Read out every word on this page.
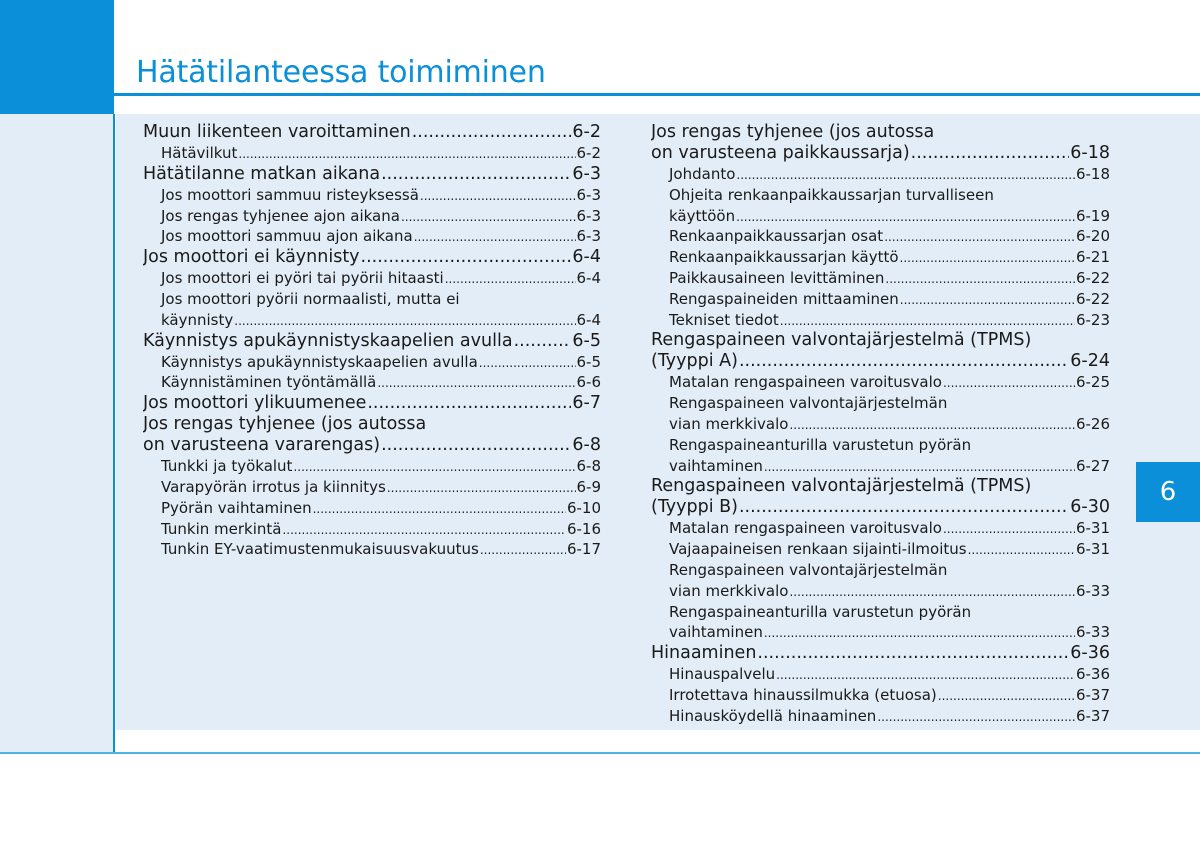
Hätätilanteessa toimiminen
Muun liikenteen varoittaminen .....	6-2
Hätävilkut .....	6-2
Hätätilanne matkan aikana .....	6-3
Jos moottori sammuu risteyksessä .....	6-3
Jos rengas tyhjenee ajon aikana .....	6-3
Jos moottori sammuu ajon aikana .....	6-3
Jos moottori ei käynnisty .....	6-4
Jos moottori ei pyöri tai pyörii hitaasti .....	6-4
Jos moottori pyörii normaalisti, mutta ei
käynnisty .....	6-4
Käynnistys apukäynnistyskaapelien avulla .....	6-5
Käynnistys apukäynnistyskaapelien avulla .....	6-5
Käynnistäminen työntämällä .....	6-6
Jos moottori ylikuumenee .....	6-7
Jos rengas tyhjenee (jos autossa
on varusteena vararengas) .....	6-8
Tunkki ja työkalut .....	6-8
Varapyörän irrotus ja kiinnitys .....	6-9
Pyörän vaihtaminen .....	6-10
Tunkin merkintä .....	6-16
Tunkin EY-vaatimustenmukaisuusvakuutus .....	6-17
Jos rengas tyhjenee (jos autossa
on varusteena paikkaussarja) .....	6-18
Johdanto .....	6-18
Ohjeita renkaanpaikkaussarjan turvalliseen
käyttöön .....	6-19
Renkaanpaikkaussarjan osat .....	6-20
Renkaanpaikkaussarjan käyttö .....	6-21
Paikkausaineen levittäminen .....	6-22
Rengaspaineiden mittaaminen .....	6-22
Tekniset tiedot .....	6-23
Rengaspaineen valvontajärjestelmä (TPMS)
(Tyyppi A) .....	6-24
Matalan rengaspaineen varoitusvalo .....	6-25
Rengaspaineen valvontajärjestelmän
vian merkkivalo .....	6-26
Rengaspaineanturilla varustetun pyörän
vaihtaminen .....	6-27
Rengaspaineen valvontajärjestelmä (TPMS)
(Tyyppi B) .....	6-30
Matalan rengaspaineen varoitusvalo .....	6-31
Vajaapaineisen renkaan sijainti-ilmoitus .....	6-31
Rengaspaineen valvontajärjestelmän
vian merkkivalo .....	6-33
Rengaspaineanturilla varustetun pyörän
vaihtaminen .....	6-33
Hinaaminen .....	6-36
Hinauspalvelu .....	6-36
Irrotettava hinaussilmukka (etuosa) .....	6-37
Hinausköydellä hinaaminen .....	6-37
6
